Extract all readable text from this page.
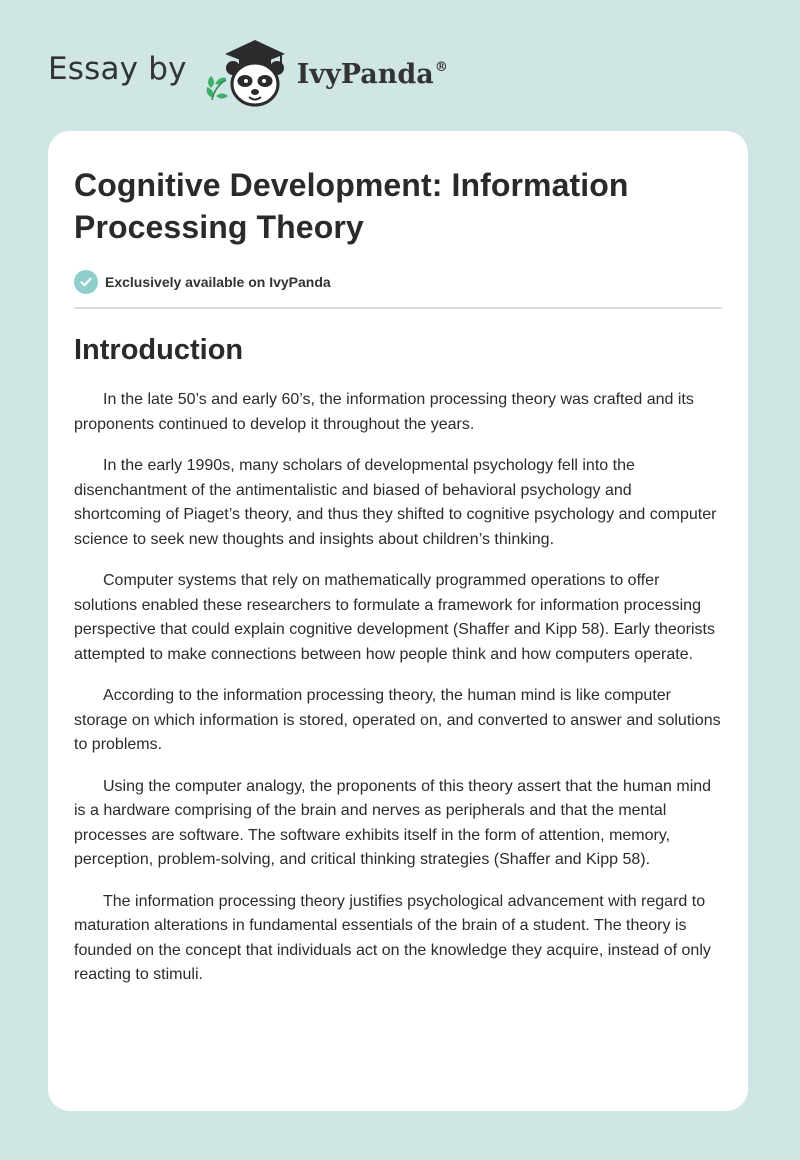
Essay by	IvyPanda®
Cognitive Development: Information Processing Theory
Exclusively available on IvyPanda
Introduction

In the late 50’s and early 60’s, the information processing theory was crafted and its proponents continued to develop it throughout the years.

In the early 1990s, many scholars of developmental psychology fell into the disenchantment of the antimentalistic and biased of behavioral psychology and shortcoming of Piaget’s theory, and thus they shifted to cognitive psychology and computer science to seek new thoughts and insights about children’s thinking.

Computer systems that rely on mathematically programmed operations to offer solutions enabled these researchers to formulate a framework for information processing perspective that could explain cognitive development (Shaffer and Kipp 58). Early theorists attempted to make connections between how people think and how computers operate.

According to the information processing theory, the human mind is like computer storage on which information is stored, operated on, and converted to answer and solutions to problems.

Using the computer analogy, the proponents of this theory assert that the human mind is a hardware comprising of the brain and nerves as peripherals and that the mental processes are software. The software exhibits itself in the form of attention, memory, perception, problem-solving, and critical thinking strategies (Shaffer and Kipp 58).

The information processing theory justifies psychological advancement with regard to maturation alterations in fundamental essentials of the brain of a student. The theory is founded on the concept that individuals act on the knowledge they acquire, instead of only reacting to stimuli.
